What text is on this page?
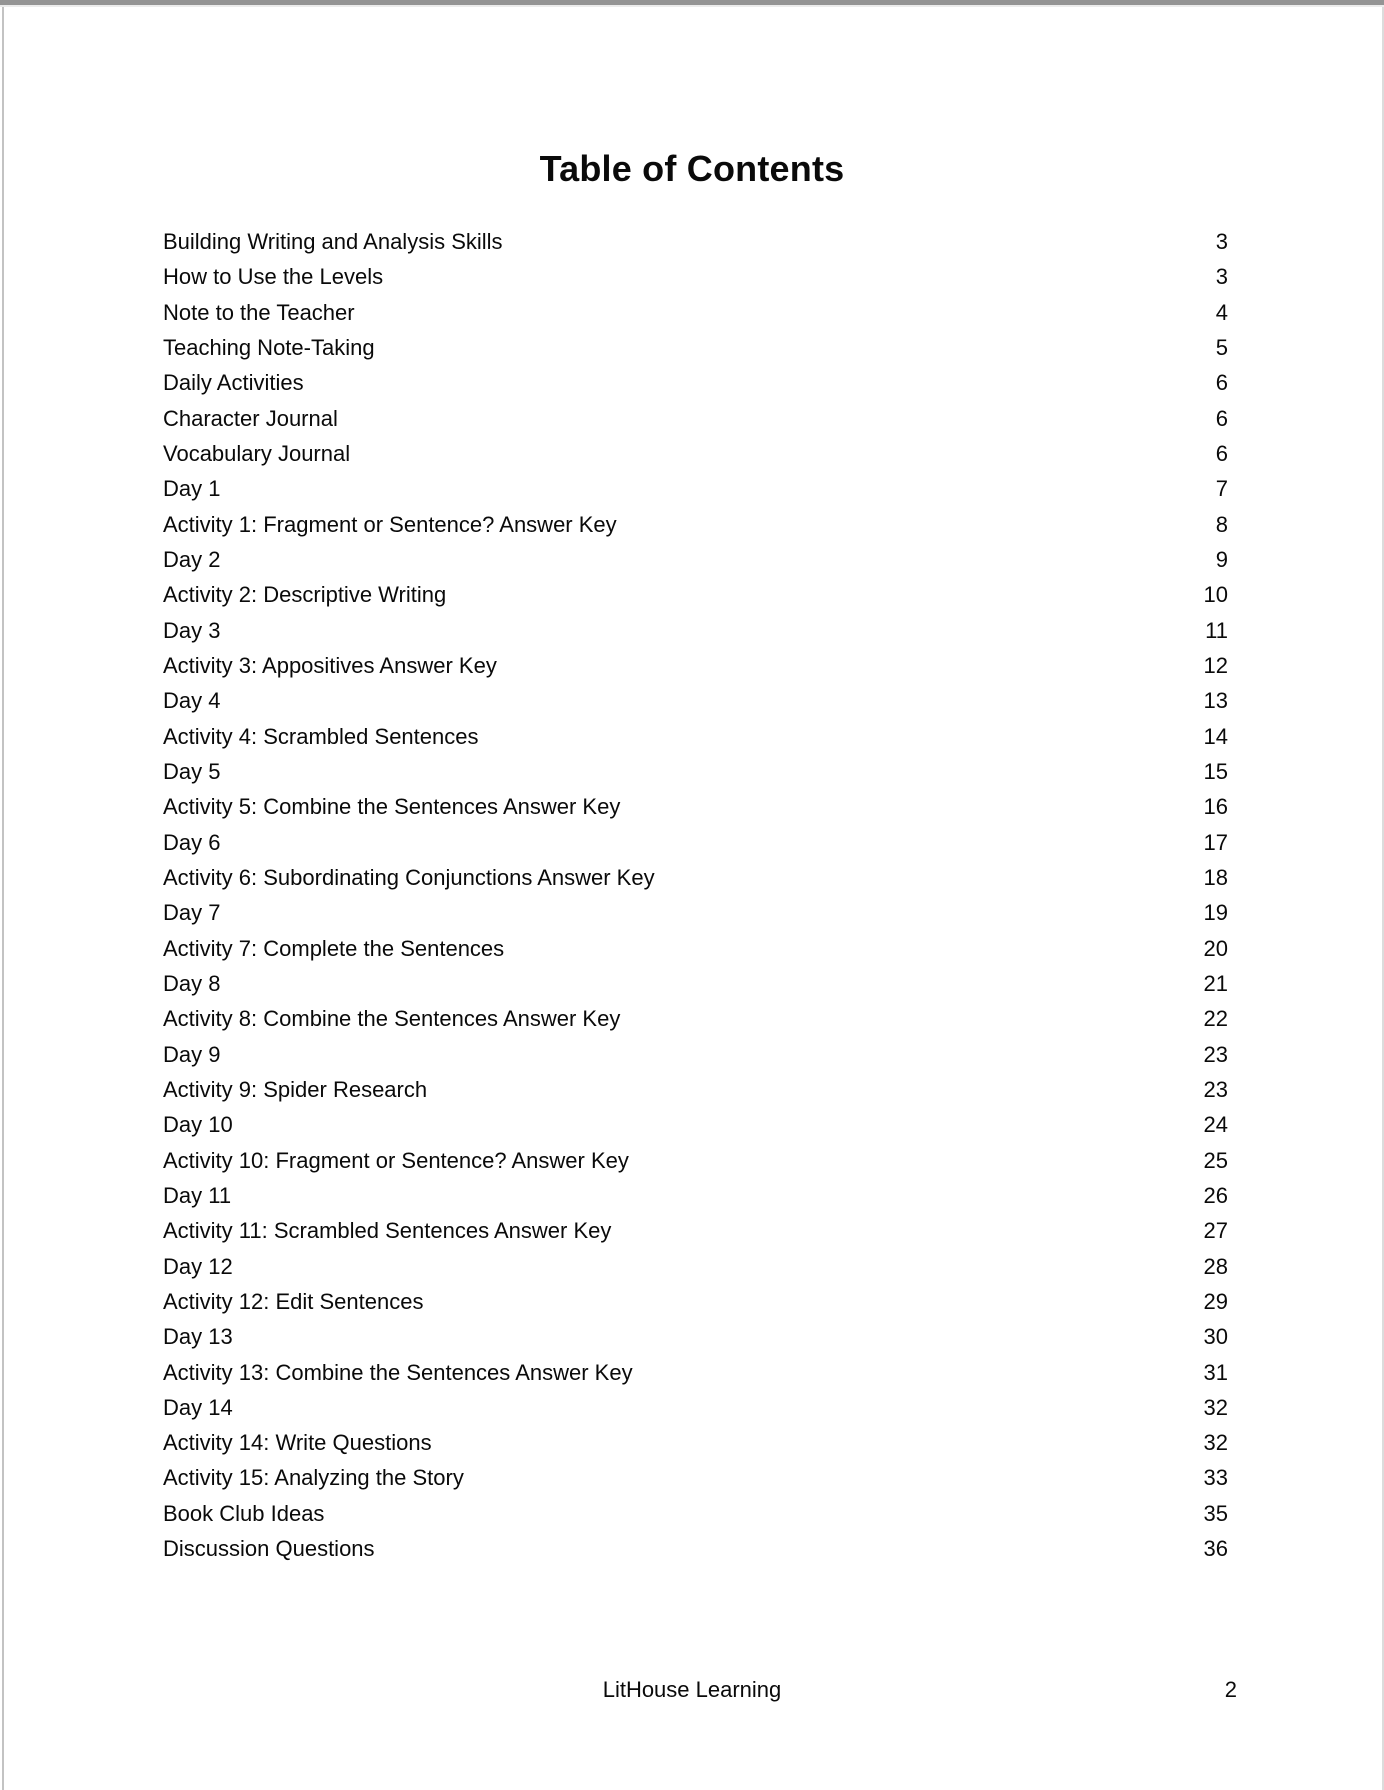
Table of Contents
Building Writing and Analysis Skills	3
How to Use the Levels	3
Note to the Teacher	4
Teaching Note-Taking	5
Daily Activities	6
Character Journal	6
Vocabulary Journal	6
Day 1	7
Activity 1: Fragment or Sentence? Answer Key	8
Day 2	9
Activity 2: Descriptive Writing	10
Day 3	11
Activity 3: Appositives Answer Key	12
Day 4	13
Activity 4: Scrambled Sentences	14
Day 5	15
Activity 5: Combine the Sentences Answer Key	16
Day 6	17
Activity 6: Subordinating Conjunctions Answer Key	18
Day 7	19
Activity 7: Complete the Sentences	20
Day 8	21
Activity 8: Combine the Sentences Answer Key	22
Day 9	23
Activity 9: Spider Research	23
Day 10	24
Activity 10: Fragment or Sentence? Answer Key	25
Day 11	26
Activity 11: Scrambled Sentences Answer Key	27
Day 12	28
Activity 12: Edit Sentences	29
Day 13	30
Activity 13: Combine the Sentences Answer Key	31
Day 14	32
Activity 14: Write Questions	32
Activity 15: Analyzing the Story	33
Book Club Ideas	35
Discussion Questions	36
LitHouse Learning	2
